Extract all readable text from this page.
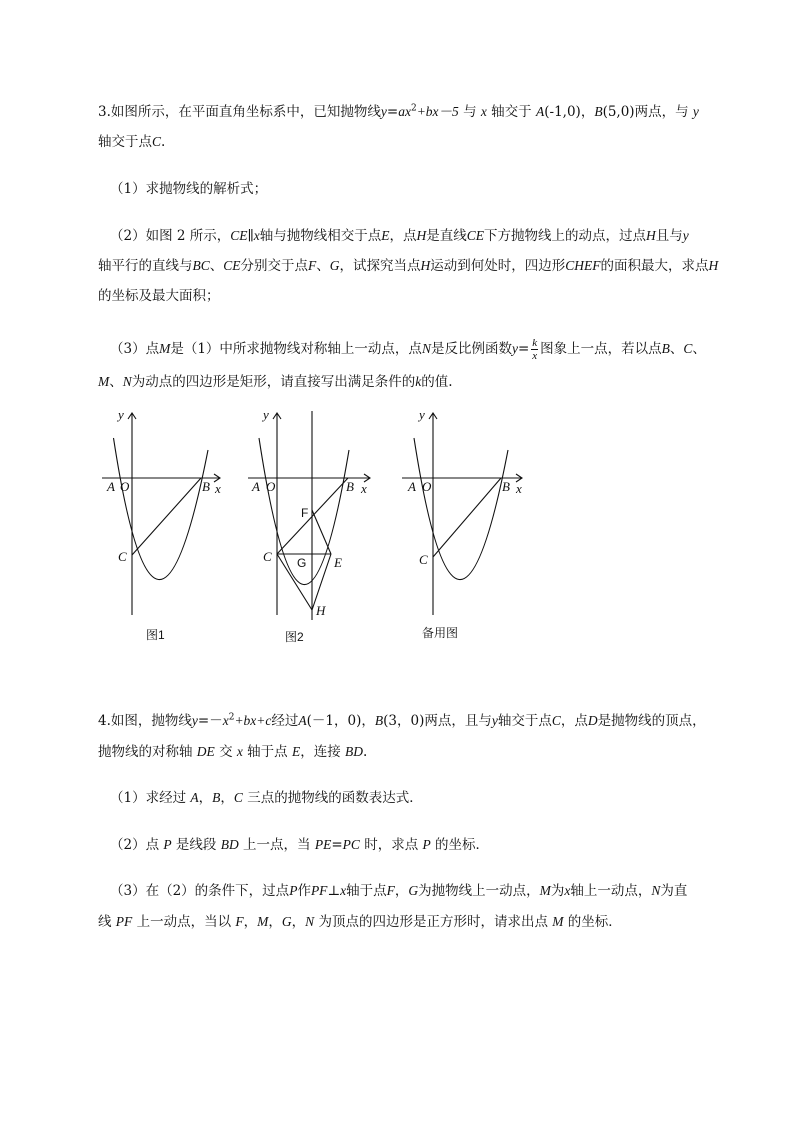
3.如图所示，在平面直角坐标系中，已知抛物线$y=ax^2+bx-5$ 与 x 轴交于 A(-1,0)，B(5,0)两点，与 y
轴交于点C.
（1）求抛物线的解析式；
（2）如图 2 所示，CE∥x轴与抛物线相交于点E，点H是直线CE下方抛物线上的动点，过点H且与y
轴平行的直线与BC、CE分别交于点F、G，试探究当点H运动到何处时，四边形CHEF的面积最大，求点H
的坐标及最大面积；
（3）点M是（1）中所求抛物线对称轴上一动点，点N是反比例函数$y= \frac{k}{x}$ 图象上一点，若以点B、C、
M、N为动点的四边形是矩形，请直接写出满足条件的k的值.
y
x
A O	B
C
图1
y
x
A O	B
F
C G E
H
图2
y
x
A O	B
C
备用图
4.如图，抛物线$y=-x^2+bx+c$经过A(－1，0)，B(3，0)两点，且与y轴交于点C，点D是抛物线的顶点，
抛物线的对称轴 DE 交 x 轴于点 E，连接 BD.
（1）求经过 A，B，C 三点的抛物线的函数表达式．
（2）点 P 是线段 BD 上一点，当 PE=PC 时，求点 P 的坐标．
（3）在（2）的条件下，过点P作PF⊥x轴于点F，G为抛物线上一动点，M为x轴上一动点，N为直
线 PF 上一动点，当以 F，M，G，N 为顶点的四边形是正方形时，请求出点 M 的坐标．
